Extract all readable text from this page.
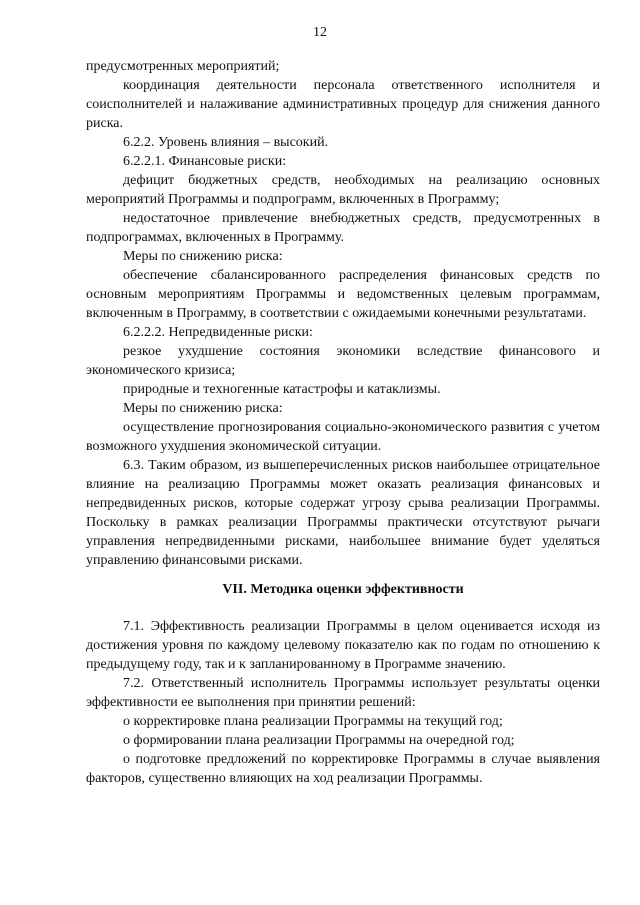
12

предусмотренных мероприятий;

координация деятельности персонала ответственного исполнителя и соисполнителей и налаживание административных процедур для снижения данного риска.

6.2.2. Уровень влияния – высокий.

6.2.2.1. Финансовые риски:

дефицит бюджетных средств, необходимых на реализацию основных мероприятий Программы и подпрограмм, включенных в Программу;

недостаточное привлечение внебюджетных средств, предусмотренных в подпрограммах, включенных в Программу.

Меры по снижению риска:

обеспечение сбалансированного распределения финансовых средств по основным мероприятиям Программы и ведомственных целевым программам, включенным в Программу, в соответствии с ожидаемыми конечными результатами.

6.2.2.2. Непредвиденные риски:

резкое ухудшение состояния экономики вследствие финансового и экономического кризиса;

природные и техногенные катастрофы и катаклизмы.

Меры по снижению риска:

осуществление прогнозирования социально-экономического развития с учетом возможного ухудшения экономической ситуации.

6.3. Таким образом, из вышеперечисленных рисков наибольшее отрицательное влияние на реализацию Программы может оказать реализация финансовых и непредвиденных рисков, которые содержат угрозу срыва реализации Программы. Поскольку в рамках реализации Программы практически отсутствуют рычаги управления непредвиденными рисками, наибольшее внимание будет уделяться управлению финансовыми рисками.

VII. Методика оценки эффективности

7.1. Эффективность реализации Программы в целом оценивается исходя из достижения уровня по каждому целевому показателю как по годам по отношению к предыдущему году, так и к запланированному в Программе значению.

7.2. Ответственный исполнитель Программы использует результаты оценки эффективности ее выполнения при принятии решений:

о корректировке плана реализации Программы на текущий год;

о формировании плана реализации Программы на очередной год;

о подготовке предложений по корректировке Программы в случае выявления факторов, существенно влияющих на ход реализации Программы.
